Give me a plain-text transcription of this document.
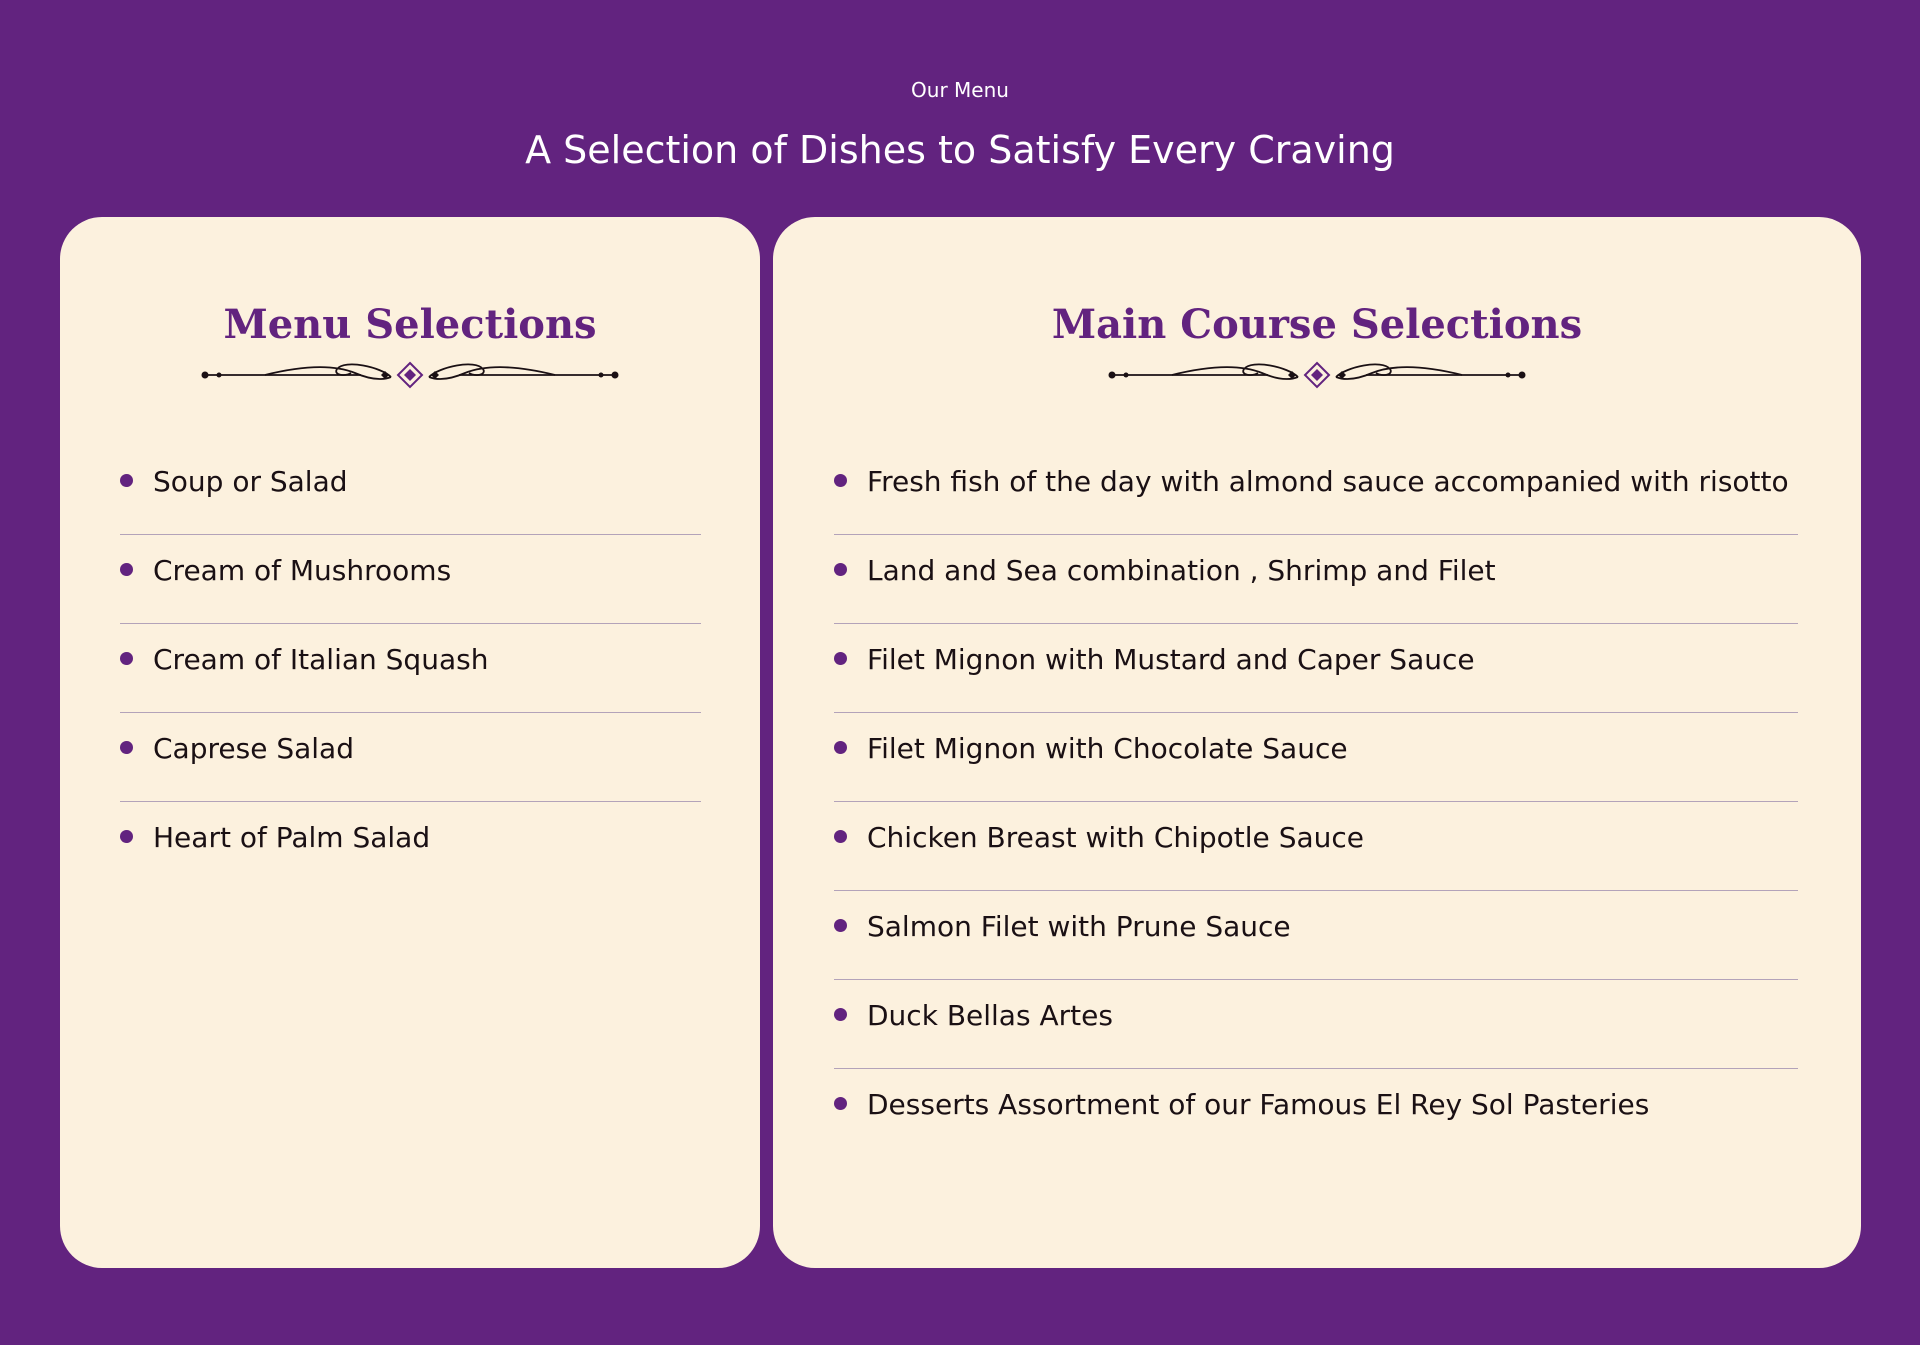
Our Menu
A Selection of Dishes to Satisfy Every Craving
Menu Selections
Soup or Salad
Cream of Mushrooms
Cream of Italian Squash
Caprese Salad
Heart of Palm Salad
Main Course Selections
Fresh fish of the day with almond sauce accompanied with risotto
Land and Sea combination , Shrimp and Filet
Filet Mignon with Mustard and Caper Sauce
Filet Mignon with Chocolate Sauce
Chicken Breast with Chipotle Sauce
Salmon Filet with Prune Sauce
Duck Bellas Artes
Desserts Assortment of our Famous El Rey Sol Pasteries
